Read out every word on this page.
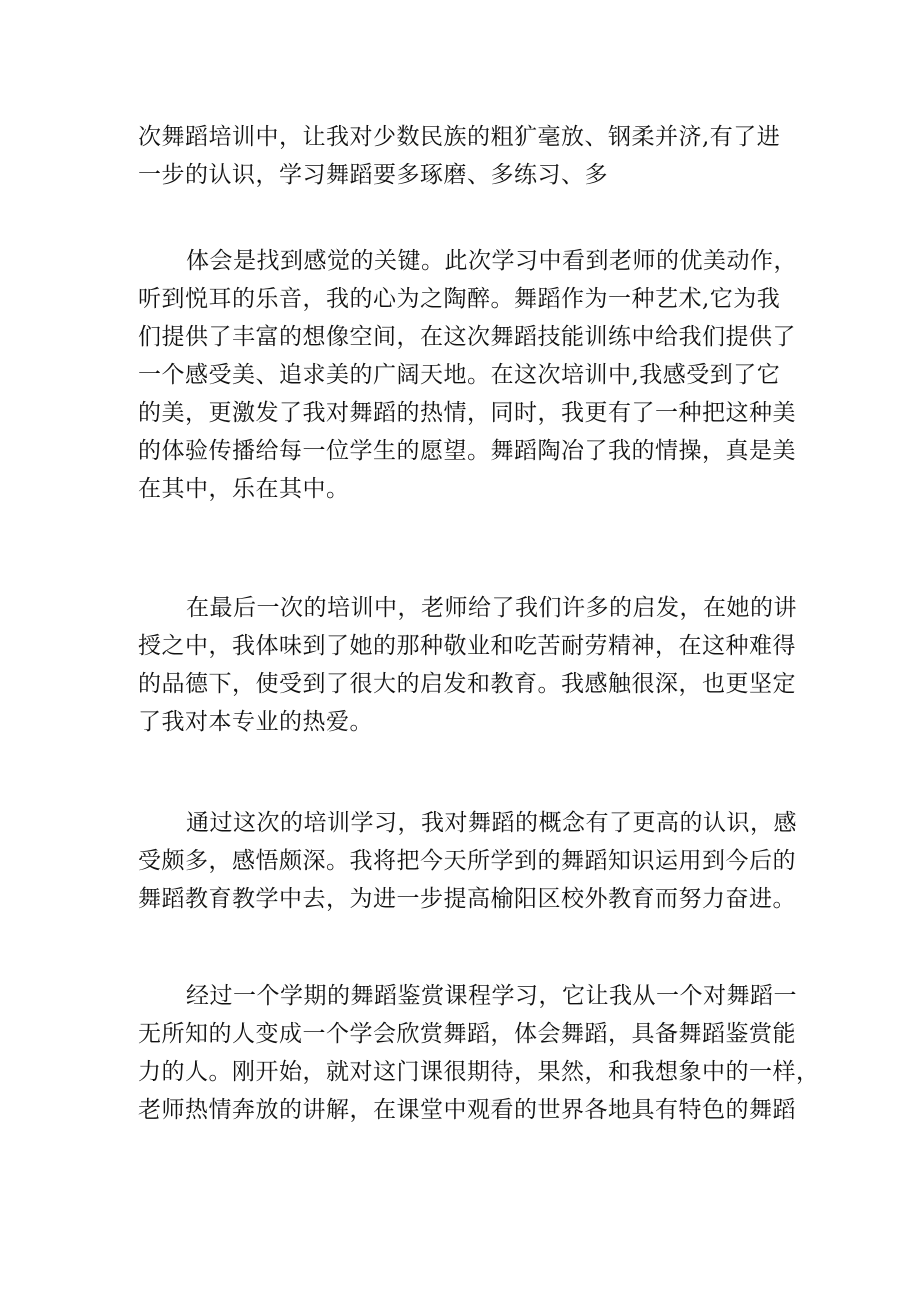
次舞蹈培训中，让我对少数民族的粗犷毫放、钢柔并济,有了进
一步的认识，学习舞蹈要多琢磨、多练习、多

体会是找到感觉的关键。此次学习中看到老师的优美动作，
听到悦耳的乐音，我的心为之陶醉。舞蹈作为一种艺术,它为我
们提供了丰富的想像空间，在这次舞蹈技能训练中给我们提供了
一个感受美、追求美的广阔天地。在这次培训中,我感受到了它
的美，更激发了我对舞蹈的热情，同时，我更有了一种把这种美
的体验传播给每一位学生的愿望。舞蹈陶冶了我的情操，真是美
在其中，乐在其中。

在最后一次的培训中，老师给了我们许多的启发，在她的讲
授之中，我体味到了她的那种敬业和吃苦耐劳精神，在这种难得
的品德下，使受到了很大的启发和教育。我感触很深，也更坚定
了我对本专业的热爱。

通过这次的培训学习，我对舞蹈的概念有了更高的认识，感
受颇多，感悟颇深。我将把今天所学到的舞蹈知识运用到今后的
舞蹈教育教学中去，为进一步提高榆阳区校外教育而努力奋进。

经过一个学期的舞蹈鉴赏课程学习，它让我从一个对舞蹈一
无所知的人变成一个学会欣赏舞蹈，体会舞蹈，具备舞蹈鉴赏能
力的人。刚开始，就对这门课很期待，果然，和我想象中的一样，
老师热情奔放的讲解，在课堂中观看的世界各地具有特色的舞蹈
